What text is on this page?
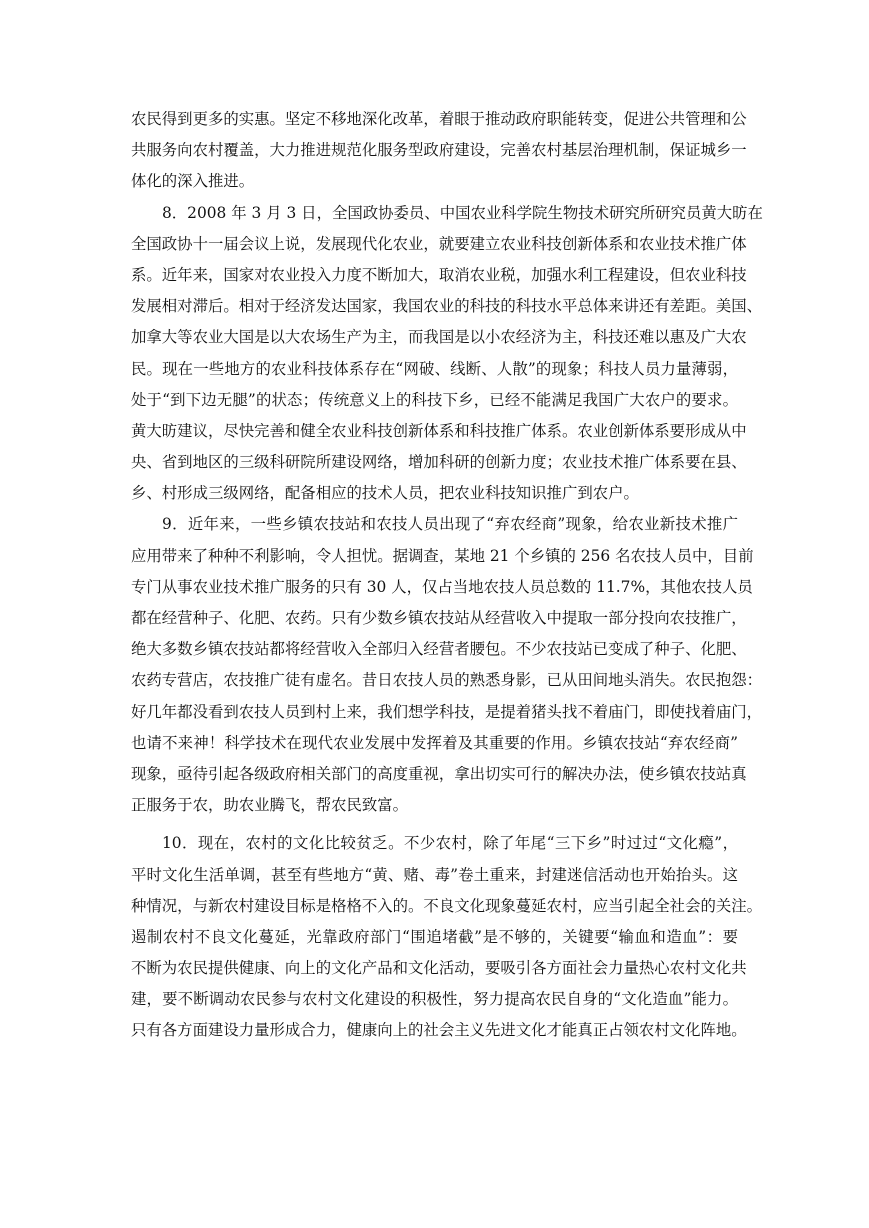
农民得到更多的实惠。坚定不移地深化改革，着眼于推动政府职能转变，促进公共管理和公
共服务向农村覆盖，大力推进规范化服务型政府建设，完善农村基层治理机制，保证城乡一
体化的深入推进。
8．2008 年 3 月 3 日，全国政协委员、中国农业科学院生物技术研究所研究员黄大昉在
全国政协十一届会议上说，发展现代化农业，就要建立农业科技创新体系和农业技术推广体
系。近年来，国家对农业投入力度不断加大，取消农业税，加强水利工程建设，但农业科技
发展相对滞后。相对于经济发达国家，我国农业的科技的科技水平总体来讲还有差距。美国、
加拿大等农业大国是以大农场生产为主，而我国是以小农经济为主，科技还难以惠及广大农
民。现在一些地方的农业科技体系存在“网破、线断、人散”的现象；科技人员力量薄弱，
处于“到下边无腿”的状态；传统意义上的科技下乡，已经不能满足我国广大农户的要求。
黄大昉建议，尽快完善和健全农业科技创新体系和科技推广体系。农业创新体系要形成从中
央、省到地区的三级科研院所建设网络，增加科研的创新力度；农业技术推广体系要在县、
乡、村形成三级网络，配备相应的技术人员，把农业科技知识推广到农户。
9．近年来，一些乡镇农技站和农技人员出现了“弃农经商”现象，给农业新技术推广
应用带来了种种不利影响，令人担忧。据调查，某地 21 个乡镇的 256 名农技人员中，目前
专门从事农业技术推广服务的只有 30 人，仅占当地农技人员总数的 11.7%，其他农技人员
都在经营种子、化肥、农药。只有少数乡镇农技站从经营收入中提取一部分投向农技推广，
绝大多数乡镇农技站都将经营收入全部归入经营者腰包。不少农技站已变成了种子、化肥、
农药专营店，农技推广徒有虚名。昔日农技人员的熟悉身影，已从田间地头消失。农民抱怨：
好几年都没看到农技人员到村上来，我们想学科技，是提着猪头找不着庙门，即使找着庙门，
也请不来神！科学技术在现代农业发展中发挥着及其重要的作用。乡镇农技站“弃农经商”
现象，亟待引起各级政府相关部门的高度重视，拿出切实可行的解决办法，使乡镇农技站真
正服务于农，助农业腾飞，帮农民致富。
10．现在，农村的文化比较贫乏。不少农村，除了年尾“三下乡”时过过“文化瘾”，
平时文化生活单调，甚至有些地方“黄、赌、毒”卷土重来，封建迷信活动也开始抬头。这
种情况，与新农村建设目标是格格不入的。不良文化现象蔓延农村，应当引起全社会的关注。
遏制农村不良文化蔓延，光靠政府部门“围追堵截”是不够的，关键要“输血和造血”：要
不断为农民提供健康、向上的文化产品和文化活动，要吸引各方面社会力量热心农村文化共
建，要不断调动农民参与农村文化建设的积极性，努力提高农民自身的“文化造血”能力。
只有各方面建设力量形成合力，健康向上的社会主义先进文化才能真正占领农村文化阵地。
